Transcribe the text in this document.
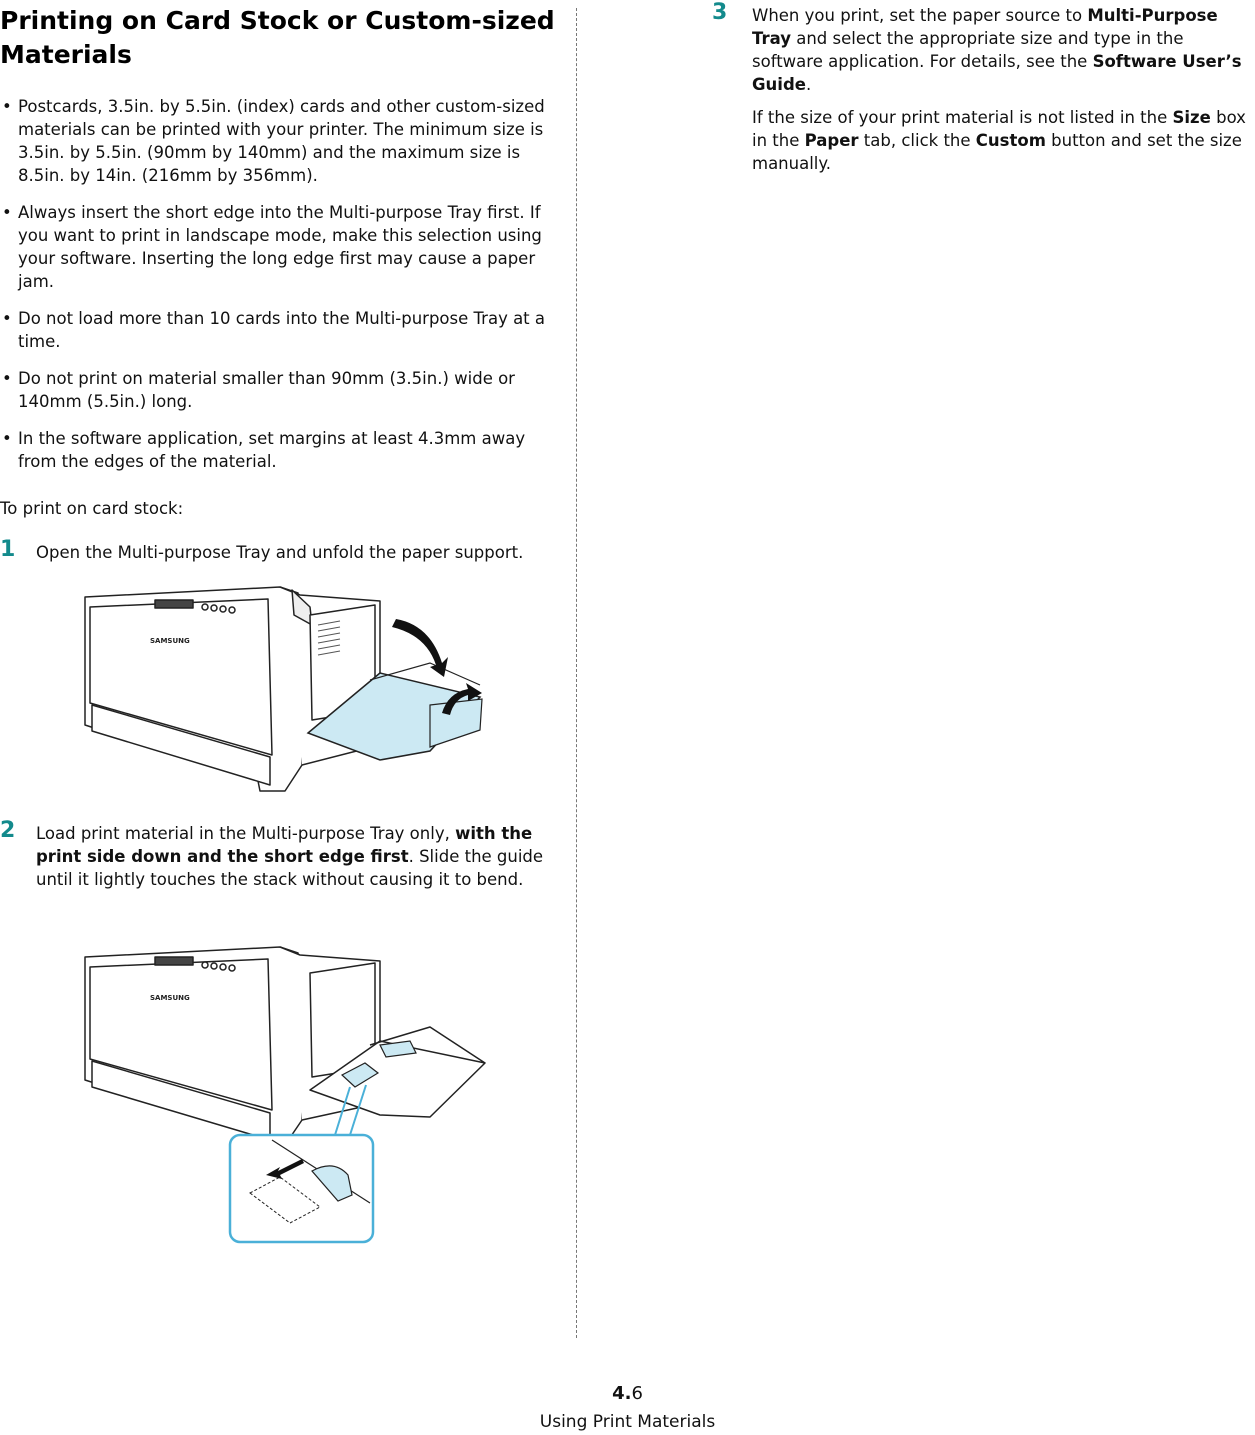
Printing on Card Stock or Custom-sized Materials
• Postcards, 3.5in. by 5.5in. (index) cards and other custom-sized materials can be printed with your printer. The minimum size is 3.5in. by 5.5in. (90mm by 140mm) and the maximum size is 8.5in. by 14in. (216mm by 356mm).
• Always insert the short edge into the Multi-purpose Tray first. If you want to print in landscape mode, make this selection using your software. Inserting the long edge first may cause a paper jam.
• Do not load more than 10 cards into the Multi-purpose Tray at a time.
• Do not print on material smaller than 90mm (3.5in.) wide or 140mm (5.5in.) long.
• In the software application, set margins at least 4.3mm away from the edges of the material.

To print on card stock:

1 Open the Multi-purpose Tray and unfold the paper support.
SAMSUNG
2 Load print material in the Multi-purpose Tray only, with the print side down and the short edge first. Slide the guide until it lightly touches the stack without causing it to bend.
SAMSUNG
3 When you print, set the paper source to Multi-Purpose Tray and select the appropriate size and type in the software application. For details, see the Software User’s Guide.

If the size of your print material is not listed in the Size box in the Paper tab, click the Custom button and set the size manually.

4.6
Using Print Materials
